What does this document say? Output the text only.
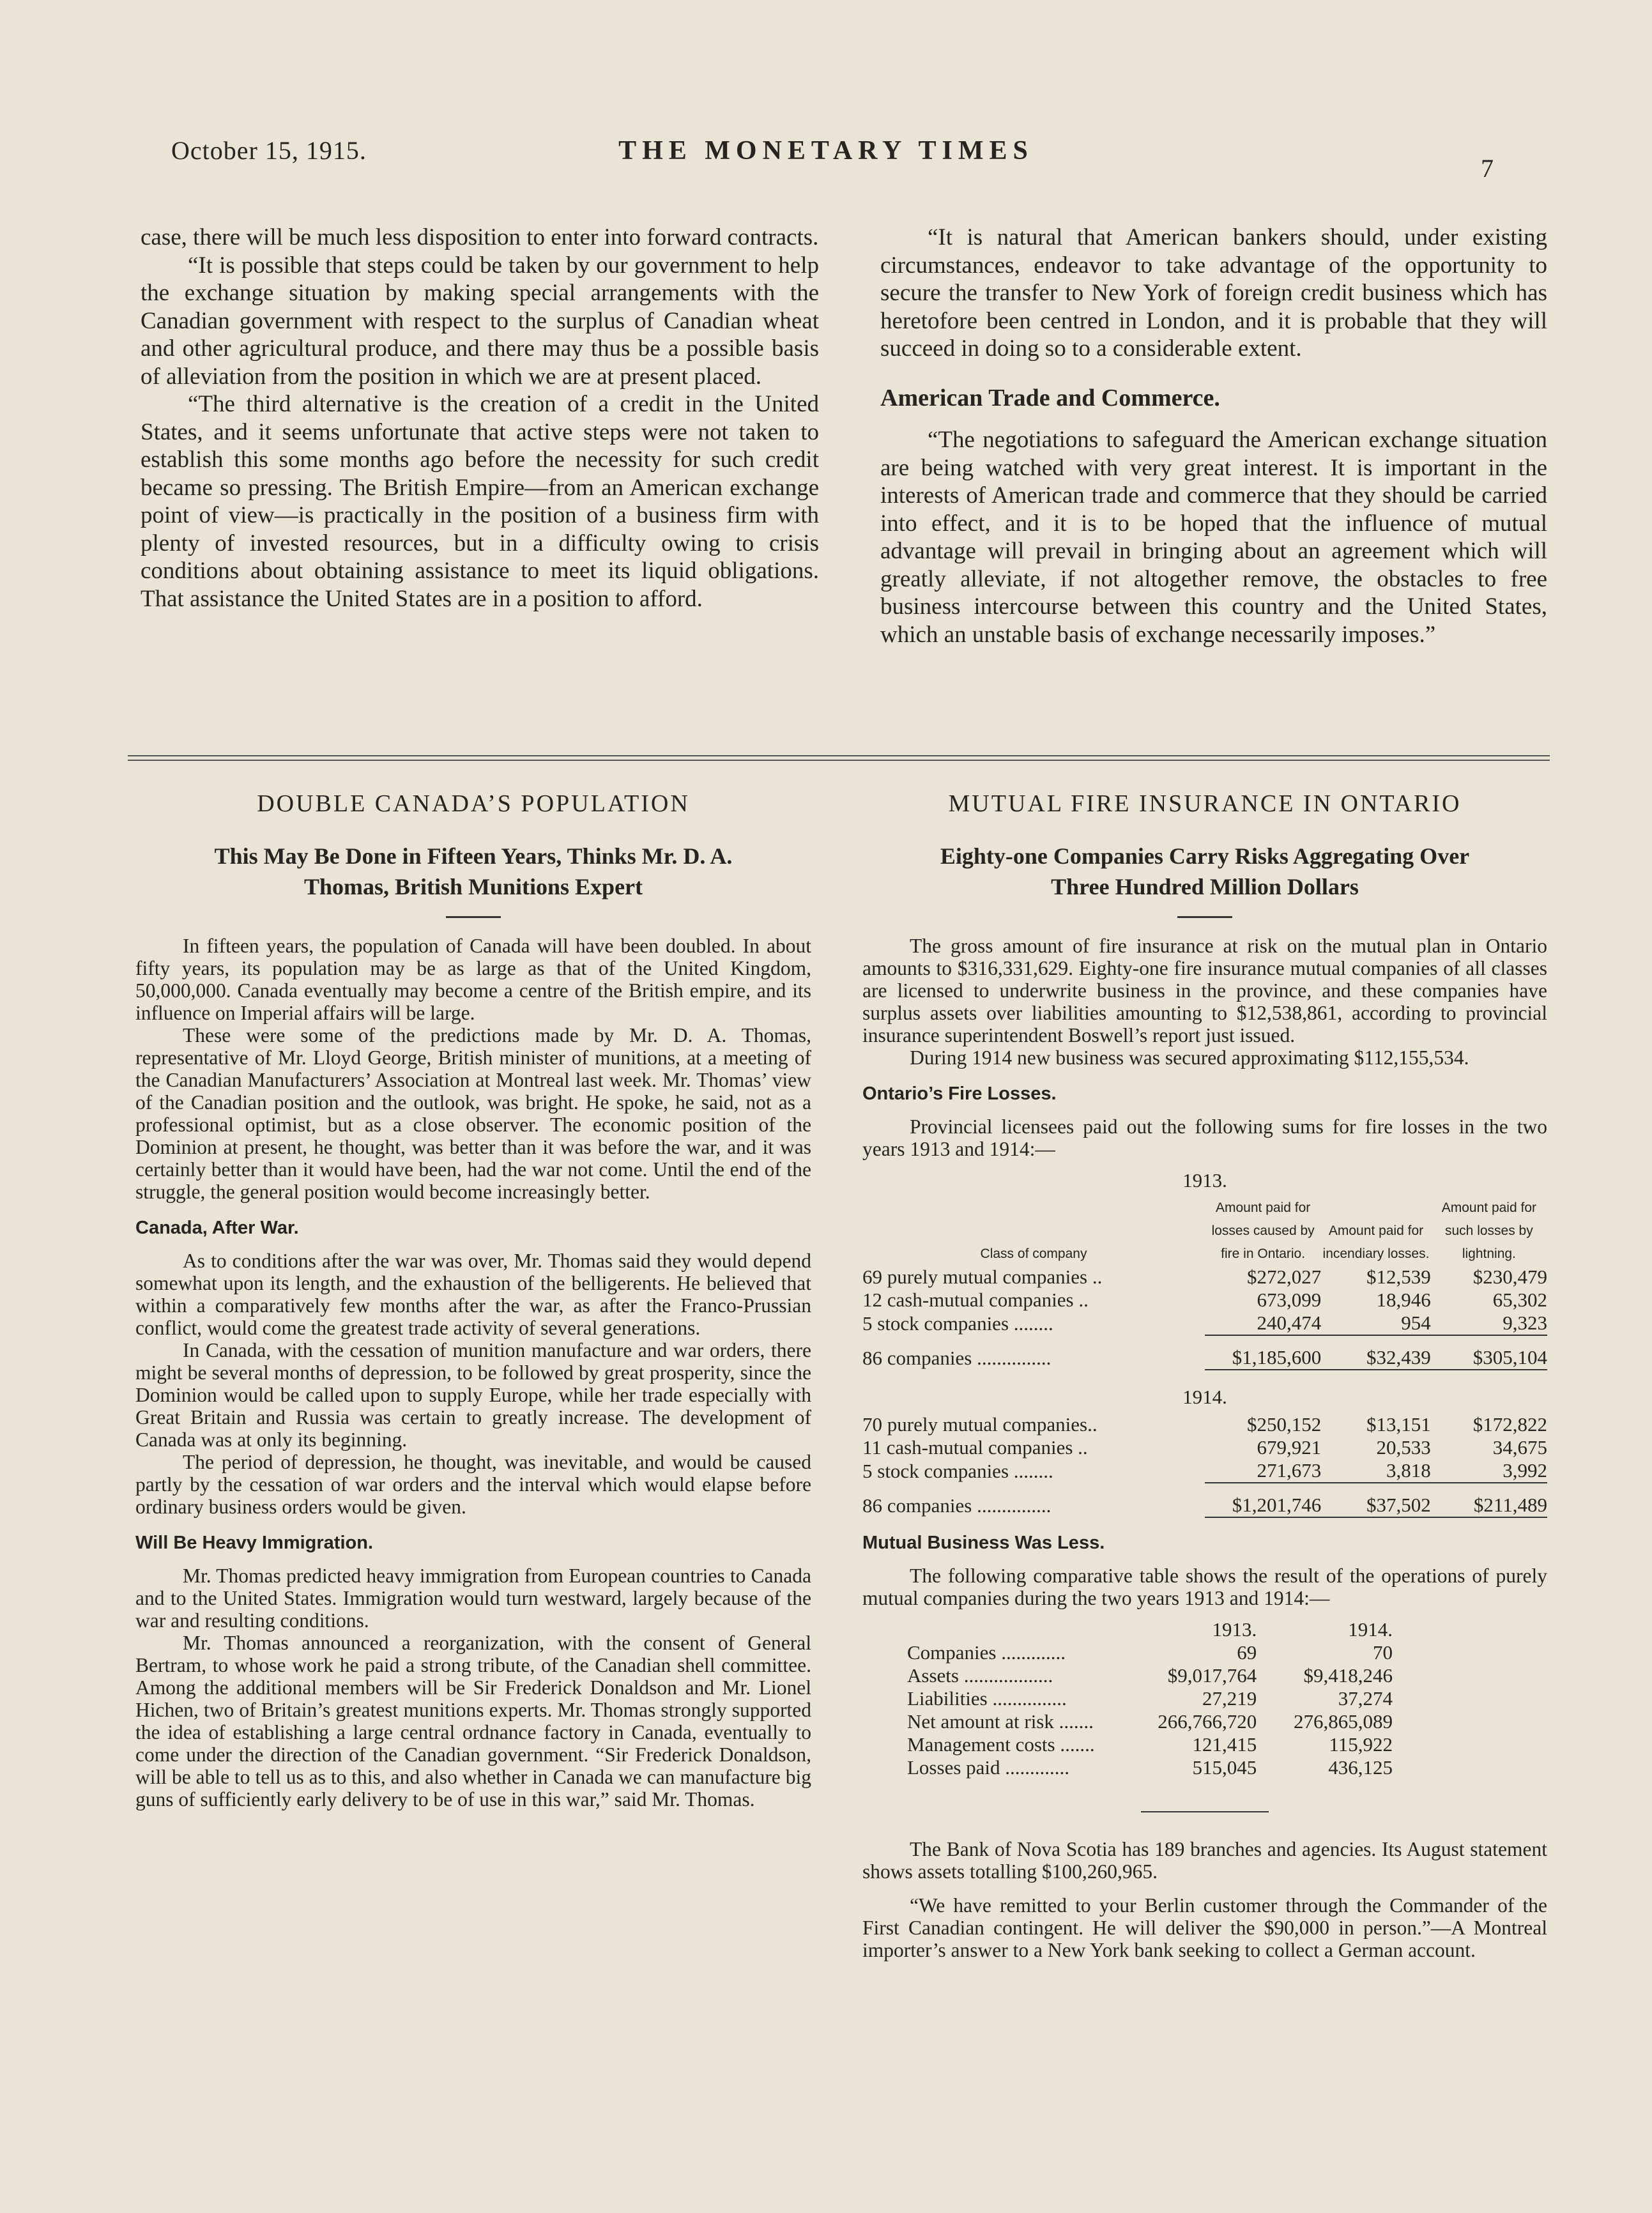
October 15, 1915.	THE MONETARY TIMES
7

case, there will be much less disposition to enter into forward contracts.

“It is possible that steps could be taken by our government to help the exchange situation by making special arrangements with the Canadian government with respect to the surplus of Canadian wheat and other agricultural produce, and there may thus be a possible basis of alleviation from the position in which we are at present placed.

“The third alternative is the creation of a credit in the United States, and it seems unfortunate that active steps were not taken to establish this some months ago before the necessity for such credit became so pressing. The British Empire—from an American exchange point of view—is practically in the position of a business firm with plenty of invested resources, but in a difficulty owing to crisis conditions about obtaining assistance to meet its liquid obligations. That assistance the United States are in a position to afford.

“It is natural that American bankers should, under existing circumstances, endeavor to take advantage of the opportunity to secure the transfer to New York of foreign credit business which has heretofore been centred in London, and it is probable that they will succeed in doing so to a considerable extent.

American Trade and Commerce.

“The negotiations to safeguard the American exchange situation are being watched with very great interest. It is important in the interests of American trade and commerce that they should be carried into effect, and it is to be hoped that the influence of mutual advantage will prevail in bringing about an agreement which will greatly alleviate, if not altogether remove, the obstacles to free business intercourse between this country and the United States, which an unstable basis of exchange necessarily imposes.”

DOUBLE CANADA’S POPULATION
This May Be Done in Fifteen Years, Thinks Mr. D. A.
Thomas, British Munitions Expert

In fifteen years, the population of Canada will have been doubled. In about fifty years, its population may be as large as that of the United Kingdom, 50,000,000. Canada eventually may become a centre of the British empire, and its influence on Imperial affairs will be large.

These were some of the predictions made by Mr. D. A. Thomas, representative of Mr. Lloyd George, British minister of munitions, at a meeting of the Canadian Manufacturers’ Association at Montreal last week. Mr. Thomas’ view of the Canadian position and the outlook, was bright. He spoke, he said, not as a professional optimist, but as a close observer. The economic position of the Dominion at present, he thought, was better than it was before the war, and it was certainly better than it would have been, had the war not come. Until the end of the struggle, the general position would become increasingly better.

Canada, After War.

As to conditions after the war was over, Mr. Thomas said they would depend somewhat upon its length, and the exhaustion of the belligerents. He believed that within a comparatively few months after the war, as after the Franco-Prussian conflict, would come the greatest trade activity of several generations.

In Canada, with the cessation of munition manufacture and war orders, there might be several months of depression, to be followed by great prosperity, since the Dominion would be called upon to supply Europe, while her trade especially with Great Britain and Russia was certain to greatly increase. The development of Canada was at only its beginning.

The period of depression, he thought, was inevitable, and would be caused partly by the cessation of war orders and the interval which would elapse before ordinary business orders would be given.

Will Be Heavy Immigration.

Mr. Thomas predicted heavy immigration from European countries to Canada and to the United States. Immigration would turn westward, largely because of the war and resulting conditions.

Mr. Thomas announced a reorganization, with the consent of General Bertram, to whose work he paid a strong tribute, of the Canadian shell committee. Among the additional members will be Sir Frederick Donaldson and Mr. Lionel Hichen, two of Britain’s greatest munitions experts. Mr. Thomas strongly supported the idea of establishing a large central ordnance factory in Canada, eventually to come under the direction of the Canadian government. “Sir Frederick Donaldson, will be able to tell us as to this, and also whether in Canada we can manufacture big guns of sufficiently early delivery to be of use in this war,” said Mr. Thomas.

MUTUAL FIRE INSURANCE IN ONTARIO
Eighty-one Companies Carry Risks Aggregating Over
Three Hundred Million Dollars

The gross amount of fire insurance at risk on the mutual plan in Ontario amounts to $316,331,629. Eighty-one fire insurance mutual companies of all classes are licensed to underwrite business in the province, and these companies have surplus assets over liabilities amounting to $12,538,861, according to provincial insurance superintendent Boswell’s report just issued.

During 1914 new business was secured approximating $112,155,534.

Ontario’s Fire Losses.

Provincial licensees paid out the following sums for fire losses in the two years 1913 and 1914:—

1913.
Class of company	Amount paid for losses caused by fire in Ontario.	Amount paid for incendiary losses.	Amount paid for such losses by lightning.
69 purely mutual companies ..	$272,027	$12,539	$230,479
12 cash-mutual companies ..	673,099	18,946	65,302
5 stock companies ........	240,474	954	9,323
86 companies ...............	$1,185,600	$32,439	$305,104
1914.
70 purely mutual companies..	$250,152	$13,151	$172,822
11 cash-mutual companies ..	679,921	20,533	34,675
5 stock companies ........	271,673	3,818	3,992
86 companies ...............	$1,201,746	$37,502	$211,489
Mutual Business Was Less.

The following comparative table shows the result of the operations of purely mutual companies during the two years 1913 and 1914:—

	1913.	1914.
Companies .............	69	70
Assets ..................	$9,017,764	$9,418,246
Liabilities ...............	27,219	37,274
Net amount at risk .......	266,766,720	276,865,089
Management costs .......	121,415	115,922
Losses paid .............	515,045	436,125

The Bank of Nova Scotia has 189 branches and agencies. Its August statement shows assets totalling $100,260,965.

“We have remitted to your Berlin customer through the Commander of the First Canadian contingent. He will deliver the $90,000 in person.”—A Montreal importer’s answer to a New York bank seeking to collect a German account.
